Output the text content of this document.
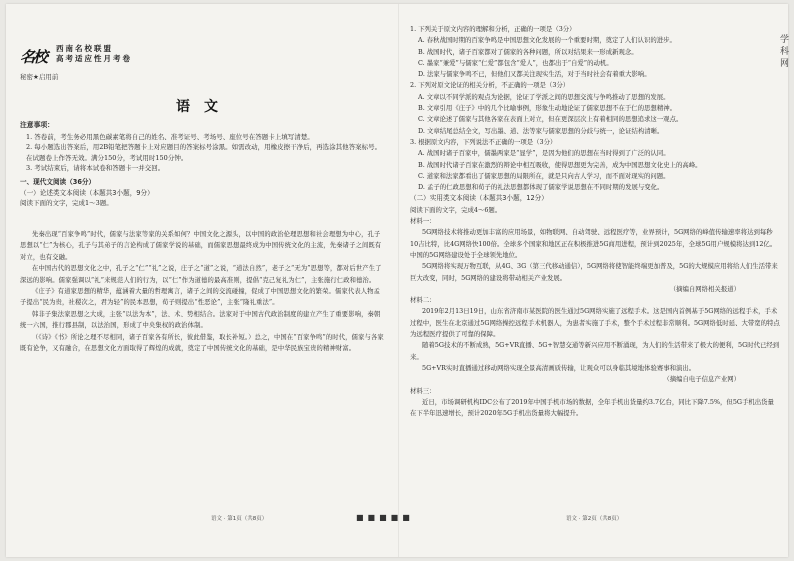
名校	西南名校联盟
高考适应性月考卷
秘密★启用前
语文
注意事项：

1. 答卷前，考生务必用黑色碳素笔将自己的姓名、准考证号、考场号、座位号在答题卡上填写清楚。

2. 每小题选出答案后，用2B铅笔把答题卡上对应题目的答案标号涂黑。如需改动，用橡皮擦干净后，再选涂其他答案标号。在试题卷上作答无效。满分150分，考试用时150分钟。

3. 考试结束后，请将本试卷和答题卡一并交回。

一、现代文阅读（36分）
（一）论述类文本阅读（本题共3小题，9分）
阅读下面的文字，完成1～3题。

先秦出现“百家争鸣”时代，儒家与法家等家的关系如何？中国文化之源头，以中国的政治伦理思想和社会理想为中心，孔子思想以“仁”为核心，孔子与其弟子的言论构成了儒家学说的基础，而儒家思想最终成为中国传统文化的主流，先秦诸子之间既有对立，也有交融。

在中国古代的思想文化之中，孔子之“仁”“礼”之说，庄子之“道”之说，“道法自然”，老子之“无为”思想等，都对后世产生了深远的影响。儒家强调以“礼”来规范人们的行为，以“仁”作为道德的最高准则，提倡“克己复礼为仁”，主张施行仁政和德治。

《庄子》有道家思想的精华，蕴涵着大量的哲理寓言，诸子之间的交流碰撞，促成了中国思想文化的繁荣。儒家代表人物孟子提出“民为贵，社稷次之，君为轻”的民本思想，荀子则提出“性恶论”，主张“隆礼重法”。

韩非子集法家思想之大成，主张“以法为本”，法、术、势相结合。法家对于中国古代政治制度的建立产生了重要影响，秦朝统一六国，推行郡县制，以法治国，形成了中央集权的政治体制。

（《诗》《书》所论之理不尽相同，诸子百家各有所长，彼此借鉴，取长补短。）总之，中国在“百家争鸣”的时代，儒家与各家既有论争，又有融合，在思想文化方面取得了辉煌的成就，奠定了中国传统文化的基础，是中华民族宝贵的精神财富。

语文 · 第1页（共8页）	■■■■■

1. 下列关于原文内容的理解和分析，正确的一项是（3分）

A. 春秋战国时期的百家争鸣是中国思想文化发展的一个重要时期，奠定了人们认识的进步。

B. 战国时代，诸子百家都对了儒家的各种问题，所以对结果来一形成新观念。

C. 墨家“兼爱”与儒家“仁爱”都包含“爱人”，也都出于“自爱”的动机。

D. 法家与儒家争鸣不已，但他们又都关注现实生活，对于当时社会有着重大影响。

2. 下列对原文论证的相关分析，不正确的一项是（3分）

A. 文章以不同学派的观点为论据，论证了学派之间的思想交流与争鸣推动了思想的发展。

B. 文章引用《庄子》中的几个比喻事例，形象生动地论证了儒家思想不在于仁的思想精神。

C. 文章论述了儒家与其他各家在表面上对立，但在更深层次上有着相同的思想追求这一观点。

D. 文章结尾总结全文，写出墨、道、法等家与儒家思想的分歧与统一，论证结构清晰。

3. 根据原文内容，下列说法不正确的一项是（3分）

A. 战国时诸子百家中，儒墨两家是“显学”，是因为他们的思想在当时得到了广泛的认同。

B. 战国时代诸子百家在激烈的辩论中相互吸收，使得思想更为完善，成为中国思想文化史上的高峰。

C. 道家和法家都看出了儒家思想的局限所在，就是只向古人学习，而不面对现实的问题。

D. 孟子的仁政思想和荀子的礼法思想都体现了儒家学说思想在不同时期的发展与变化。

（二）实用类文本阅读（本题共3小题，12分）

阅读下面的文字，完成4～6题。

材料一：

5G网络技术将推动更加丰富的应用场景，如物联网、自动驾驶、远程医疗等，业界预计，5G网络的峰值传输速率将达到每秒10吉比特，比4G网络快100倍。全球多个国家和地区正在积极推进5G商用进程，预计到2025年，全球5G用户规模将达到12亿。中国的5G网络建设处于全球领先地位。

5G网络将实现万物互联，从4G、3G（第三代移动通信），5G网络将使智能终端更加普及，5G的大规模应用将给人们生活带来巨大改变，同时，5G网络的建设将带动相关产业发展。

（摘编自网络相关报道）

材料二：

2019年2月13日19日，山东省济南市某医院的医生通过5G网络实施了远程手术。这是国内首例基于5G网络的远程手术，手术过程中，医生在北京通过5G网络操控远程手术机器人，为患者实施了手术，整个手术过程非常顺利。5G网络低时延、大带宽的特点为远程医疗提供了可靠的保障。

随着5G技术的不断成熟，5G+VR直播、5G+智慧交通等新兴应用不断涌现，为人们的生活带来了极大的便利，5G时代已经到来。

5G+VR实时直播通过移动网络实现全景高清画质传输，让观众可以身临其境地体验赛事和演出。

（摘编自电子信息产业网）

材料三：

近日，市场调研机构IDC公布了2019年中国手机市场的数据，全年手机出货量约3.7亿台，同比下降7.5%，但5G手机出货量在下半年迅速增长，预计2020年5G手机出货量将大幅提升。

语文 · 第2页（共8页）
学
科
网
